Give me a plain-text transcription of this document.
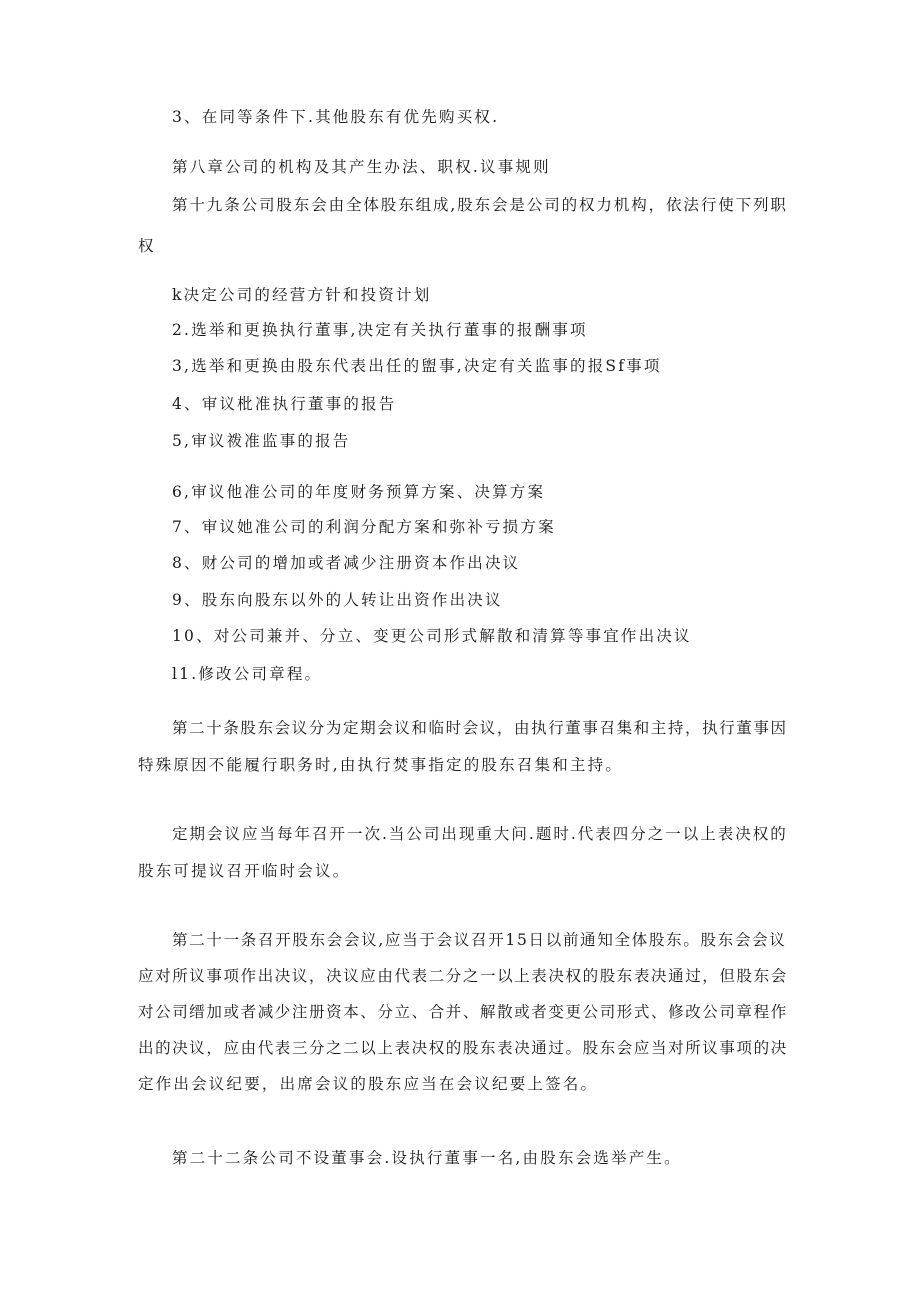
3、在同等条件下.其他股东有优先购买权.
第八章公司的机构及其产生办法、职权.议事规则
第十九条公司股东会由全体股东组成,股东会是公司的权力机构，依法行使下列职
权
k决定公司的经营方针和投资计划
2.选举和更换执行董事,决定有关执行董事的报酬事项
3,选举和更换由股东代表出任的盥事,决定有关监事的报Sf事项
4、审议枇准执行董事的报告
5,审议袯准监事的报告
6,审议他准公司的年度财务预算方案、决算方案
7、审议她准公司的利润分配方案和弥补亏损方案
8、财公司的增加或者减少注册资本作出决议
9、股东向股东以外的人转让出资作出决议
10、对公司兼并、分立、变更公司形式解散和清算等事宜作出决议
l1.修改公司章程。
第二十条股东会议分为定期会议和临时会议，由执行董事召集和主持，执行董事因
特殊原因不能履行职务时,由执行焚事指定的股东召集和主持。
定期会议应当每年召开一次.当公司出现重大问.题时.代表四分之一以上表决权的
股东可提议召开临时会议。
第二十一条召开股东会会议,应当于会议召开15日以前通知全体股东。股东会会议
应对所议事项作出决议，决议应由代表二分之一以上表决权的股东表决通过，但股东会
对公司缙加或者减少注册资本、分立、合并、解散或者变更公司形式、修改公司章程作
出的决议，应由代表三分之二以上表决权的股东表决通过。股东会应当对所议事项的决
定作出会议纪要，出席会议的股东应当在会议纪要上签名。
第二十二条公司不设董事会.设执行董事一名,由股东会选举产生。
